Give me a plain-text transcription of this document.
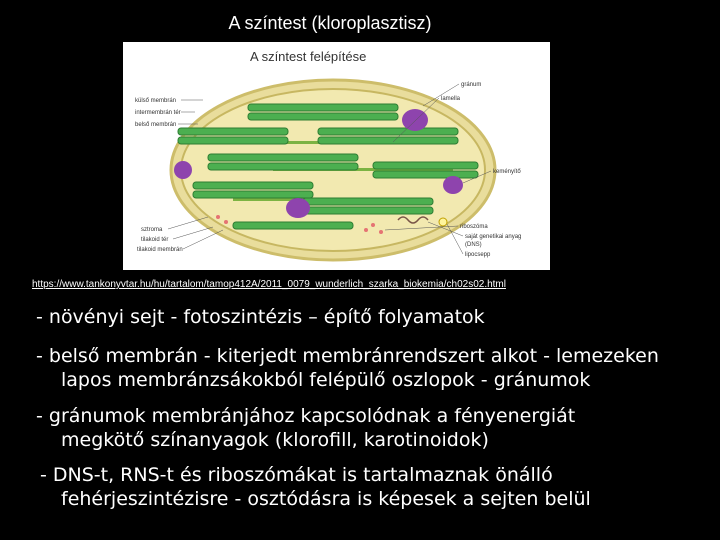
A színtest (kloroplasztisz)
A színtest felépítése
külső membrán
intermembrán tér
belső membrán
sztroma
tilakoid tér
tilakoid membrán
gránum
lamella
keményítő
riboszóma
saját genetikai anyag
(DNS)
lipocsepp
https://www.tankonyvtar.hu/hu/tartalom/tamop412A/2011_0079_wunderlich_szarka_biokemia/ch02s02.html
- növényi sejt - fotoszintézis – építő folyamatok
- belső membrán - kiterjedt membránrendszert alkot - lemezeken
lapos membránzsákokból felépülő oszlopok - gránumok
- gránumok membránjához kapcsolódnak a fényenergiát
megkötő színanyagok (klorofill, karotinoidok)
- DNS-t, RNS-t és riboszómákat is tartalmaznak önálló
fehérjeszintézisre - osztódásra is képesek a sejten belül
